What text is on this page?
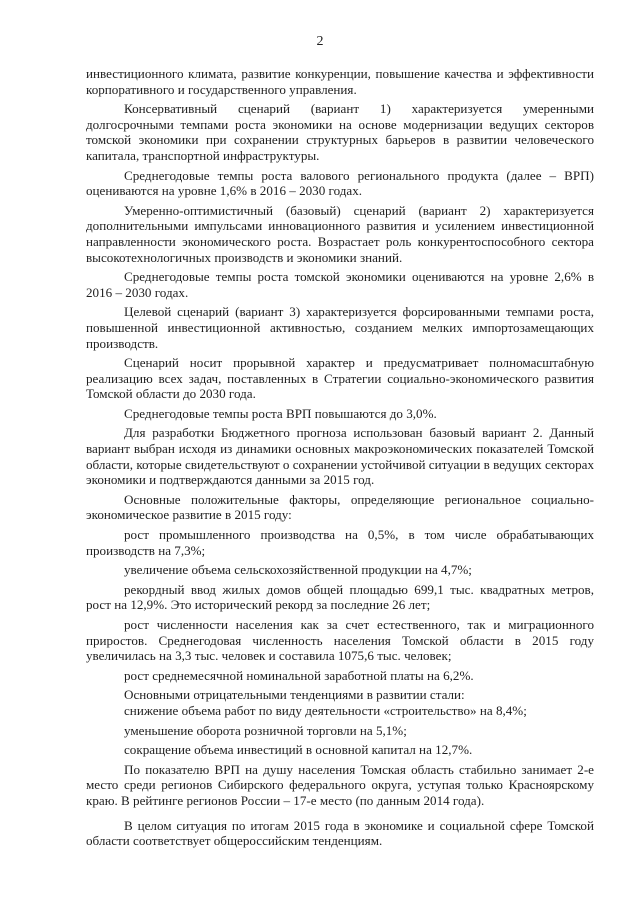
2

инвестиционного климата, развитие конкуренции, повышение качества и эффективности корпоративного и государственного управления.

Консервативный сценарий (вариант 1) характеризуется умеренными долгосрочными темпами роста экономики на основе модернизации ведущих секторов томской экономики при сохранении структурных барьеров в развитии человеческого капитала, транспортной инфраструктуры.

Среднегодовые темпы роста валового регионального продукта (далее – ВРП) оцениваются на уровне 1,6% в 2016 – 2030 годах.

Умеренно-оптимистичный (базовый) сценарий (вариант 2) характеризуется дополнительными импульсами инновационного развития и усилением инвестиционной направленности экономического роста. Возрастает роль конкурентоспособного сектора высокотехнологичных производств и экономики знаний.

Среднегодовые темпы роста томской экономики оцениваются на уровне 2,6% в 2016 – 2030 годах.

Целевой сценарий (вариант 3) характеризуется форсированными темпами роста, повышенной инвестиционной активностью, созданием мелких импортозамещающих производств.

Сценарий носит прорывной характер и предусматривает полномасштабную реализацию всех задач, поставленных в Стратегии социально-экономического развития Томской области до 2030 года.

Среднегодовые темпы роста ВРП повышаются до 3,0%.

Для разработки Бюджетного прогноза использован базовый вариант 2. Данный вариант выбран исходя из динамики основных макроэкономических показателей Томской области, которые свидетельствуют о сохранении устойчивой ситуации в ведущих секторах экономики и подтверждаются данными за 2015 год.

Основные положительные факторы, определяющие региональное социально-экономическое развитие в 2015 году:

рост промышленного производства на 0,5%, в том числе обрабатывающих производств на 7,3%;

увеличение объема сельскохозяйственной продукции на 4,7%;

рекордный ввод жилых домов общей площадью 699,1 тыс. квадратных метров, рост на 12,9%. Это исторический рекорд за последние 26 лет;

рост численности населения как за счет естественного, так и миграционного приростов. Среднегодовая численность населения Томской области в 2015 году увеличилась на 3,3 тыс. человек и составила 1075,6 тыс. человек;

рост среднемесячной номинальной заработной платы на 6,2%.

Основными отрицательными тенденциями в развитии стали:

снижение объема работ по виду деятельности «строительство» на 8,4%;

уменьшение оборота розничной торговли на 5,1%;

сокращение объема инвестиций в основной капитал на 12,7%.

По показателю ВРП на душу населения Томская область стабильно занимает 2-е место среди регионов Сибирского федерального округа, уступая только Красноярскому краю. В рейтинге регионов России – 17-е место (по данным 2014 года).

В целом ситуация по итогам 2015 года в экономике и социальной сфере Томской области соответствует общероссийским тенденциям.
